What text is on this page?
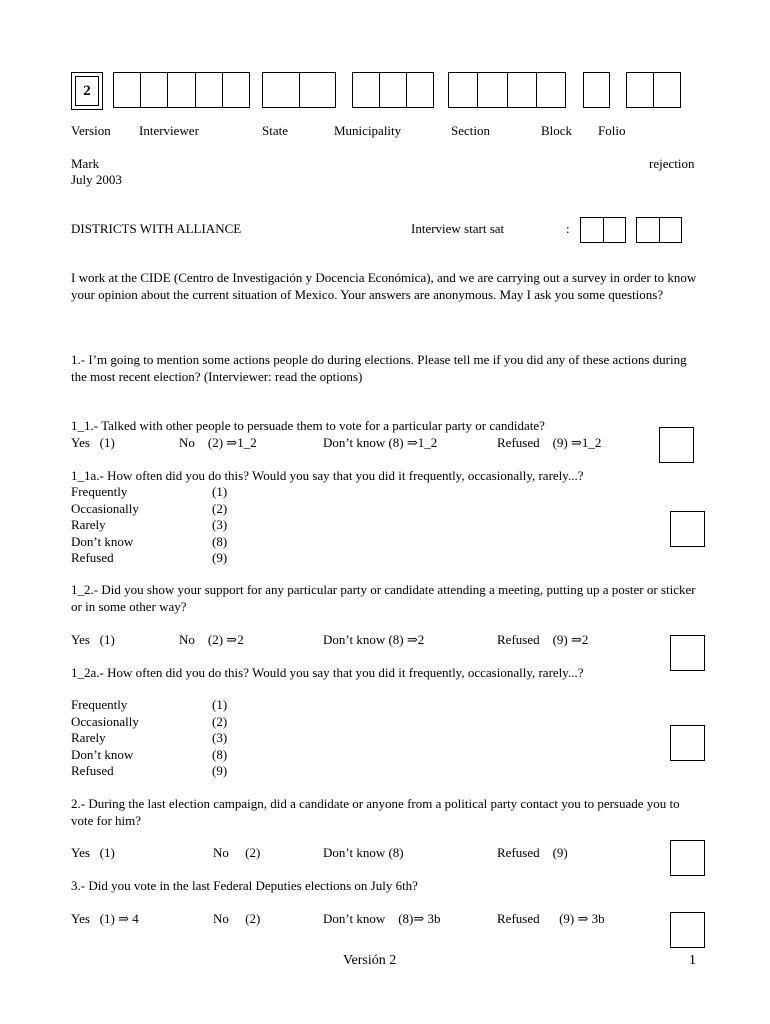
2
Version Interviewer	State	Municipality	Section	Block Folio
Mark	rejection
July 2003
DISTRICTS WITH ALLIANCE	Interview start sat	:
I work at the CIDE (Centro de Investigación y Docencia Económica), and we are carrying out a survey in order to know your opinion about the current situation of Mexico. Your answers are anonymous. May I ask you some questions?
1.- I’m going to mention some actions people do during elections. Please tell me if you did any of these actions during the most recent election? (Interviewer: read the options)
1_1.- Talked with other people to persuade them to vote for a particular party or candidate?
Yes   (1)	No    (2) ⇒1_2	Don’t know (8) ⇒1_2	Refused    (9) ⇒1_2
1_1a.- How often did you do this? Would you say that you did it frequently, occasionally, rarely...?
Frequently	(1)
Occasionally	(2)
Rarely	(3)
Don’t know	(8)
Refused	(9)
1_2.- Did you show your support for any particular party or candidate attending a meeting, putting up a poster or sticker or in some other way?
Yes   (1)	No    (2) ⇒2	Don’t know (8) ⇒2	Refused    (9) ⇒2
1_2a.- How often did you do this? Would you say that you did it frequently, occasionally, rarely...?
Frequently	(1)
Occasionally	(2)
Rarely	(3)
Don’t know	(8)
Refused	(9)
2.- During the last election campaign, did a candidate or anyone from a political party contact you to persuade you to vote for him?
Yes   (1)	No     (2)	Don’t know (8)	Refused    (9)
3.- Did you vote in the last Federal Deputies elections on July 6th?
Yes   (1) ⇒ 4	No     (2)	Don’t know    (8)⇒ 3b	Refused      (9) ⇒ 3b
Versión 2	1
